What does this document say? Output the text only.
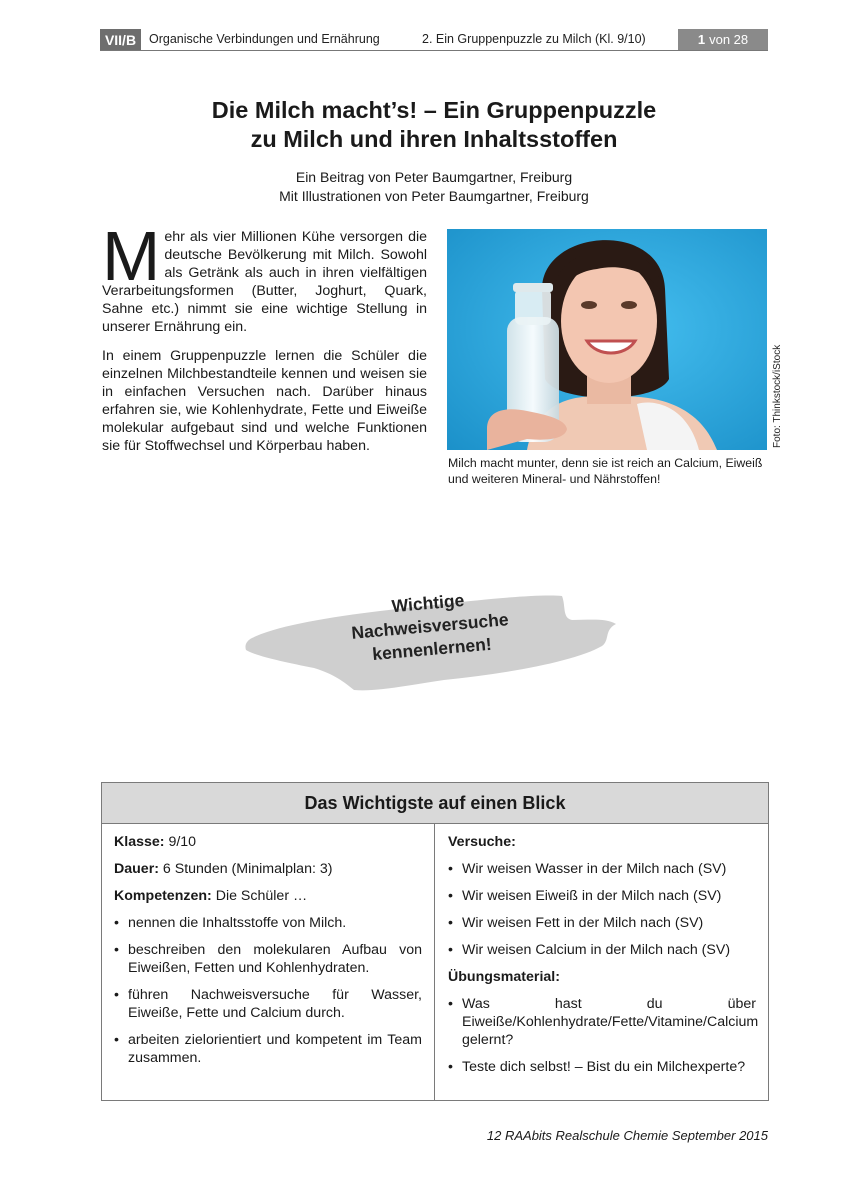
VII/B	Organische Verbindungen und Ernährung	2. Ein Gruppenpuzzle zu Milch (Kl. 9/10)	1 von 28
Die Milch macht’s! – Ein Gruppenpuzzle
zu Milch und ihren Inhaltsstoffen
Ein Beitrag von Peter Baumgartner, Freiburg
Mit Illustrationen von Peter Baumgartner, Freiburg

Mehr als vier Millionen Kühe versorgen die deutsche Bevölkerung mit Milch. Sowohl als Getränk als auch in ihren vielfältigen Verarbeitungsformen (Butter, Joghurt, Quark, Sahne etc.) nimmt sie eine wichtige Stellung in unserer Ernährung ein.

In einem Gruppenpuzzle lernen die Schüler die einzelnen Milchbestandteile kennen und weisen sie in einfachen Versuchen nach. Darüber hinaus erfahren sie, wie Kohlenhydrate, Fette und Eiweiße molekular aufgebaut sind und welche Funktionen sie für Stoffwechsel und Körperbau haben.	Foto: Thinkstock/iStock
Milch macht munter, denn sie ist reich an Calcium, Eiweiß und weiteren Mineral- und Nährstoffen!
Wichtige
Nachweisversuche
kennenlernen!
Das Wichtigste auf einen Blick
Klasse: 9/10
Dauer: 6 Stunden (Minimalplan: 3)
Kompetenzen: Die Schüler …
• nennen die Inhaltsstoffe von Milch.
• beschreiben den molekularen Aufbau von Eiweißen, Fetten und Kohlenhydraten.
• führen Nachweisversuche für Wasser, Eiweiße, Fette und Calcium durch.
• arbeiten zielorientiert und kompetent im Team zusammen.
Versuche:
• Wir weisen Wasser in der Milch nach (SV)
• Wir weisen Eiweiß in der Milch nach (SV)
• Wir weisen Fett in der Milch nach (SV)
• Wir weisen Calcium in der Milch nach (SV)
Übungsmaterial:
• Was hast du über Eiweiße/Kohlenhydrate/Fette/Vitamine/Calcium gelernt?
• Teste dich selbst! – Bist du ein Milchexperte?
12 RAAbits Realschule Chemie September 2015
